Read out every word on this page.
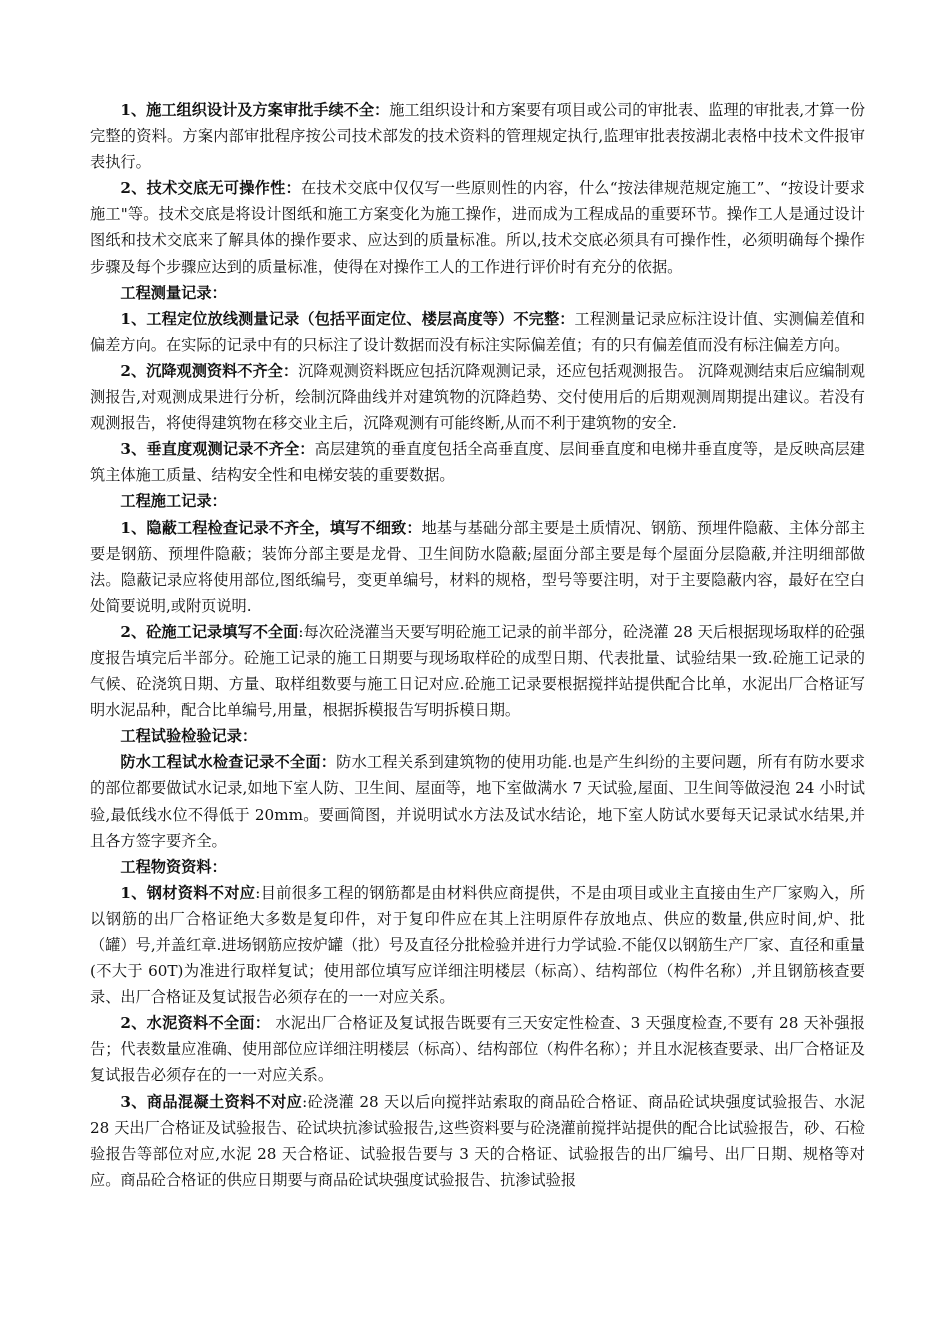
1、施工组织设计及方案审批手续不全：施工组织设计和方案要有项目或公司的审批表、监理的审批表,才算一份完整的资料。方案内部审批程序按公司技术部发的技术资料的管理规定执行,监理审批表按湖北表格中技术文件报审表执行。

2、技术交底无可操作性：在技术交底中仅仅写一些原则性的内容，什么“按法律规范规定施工”、“按设计要求施工"等。技术交底是将设计图纸和施工方案变化为施工操作，进而成为工程成品的重要环节。操作工人是通过设计图纸和技术交底来了解具体的操作要求、应达到的质量标准。所以,技术交底必须具有可操作性，必须明确每个操作步骤及每个步骤应达到的质量标准，使得在对操作工人的工作进行评价时有充分的依据。

工程测量记录：

1、工程定位放线测量记录（包括平面定位、楼层高度等）不完整：工程测量记录应标注设计值、实测偏差值和偏差方向。在实际的记录中有的只标注了设计数据而没有标注实际偏差值；有的只有偏差值而没有标注偏差方向。

2、沉降观测资料不齐全：沉降观测资料既应包括沉降观测记录，还应包括观测报告。 沉降观测结束后应编制观测报告,对观测成果进行分析，绘制沉降曲线并对建筑物的沉降趋势、交付使用后的后期观测周期提出建议。若没有观测报告，将使得建筑物在移交业主后，沉降观测有可能终断,从而不利于建筑物的安全.

3、垂直度观测记录不齐全：高层建筑的垂直度包括全高垂直度、层间垂直度和电梯井垂直度等，是反映高层建筑主体施工质量、结构安全性和电梯安装的重要数据。

工程施工记录：

1、隐蔽工程检查记录不齐全，填写不细致：地基与基础分部主要是土质情况、钢筋、预埋件隐蔽、主体分部主要是钢筋、预埋件隐蔽；装饰分部主要是龙骨、卫生间防水隐蔽;屋面分部主要是每个屋面分层隐蔽,并注明细部做法。隐蔽记录应将使用部位,图纸编号，变更单编号，材料的规格，型号等要注明，对于主要隐蔽内容，最好在空白处简要说明,或附页说明.

2、砼施工记录填写不全面:每次砼浇灌当天要写明砼施工记录的前半部分，砼浇灌 28 天后根据现场取样的砼强度报告填完后半部分。砼施工记录的施工日期要与现场取样砼的成型日期、代表批量、试验结果一致.砼施工记录的气候、砼浇筑日期、方量、取样组数要与施工日记对应.砼施工记录要根据搅拌站提供配合比单，水泥出厂合格证写明水泥品种，配合比单编号,用量，根据拆模报告写明拆模日期。

工程试验检验记录：

防水工程试水检查记录不全面：防水工程关系到建筑物的使用功能.也是产生纠纷的主要问题，所有有防水要求的部位都要做试水记录,如地下室人防、卫生间、屋面等，地下室做满水 7 天试验,屋面、卫生间等做浸泡 24 小时试验,最低线水位不得低于 20mm。要画简图，并说明试水方法及试水结论，地下室人防试水要每天记录试水结果,并且各方签字要齐全。

工程物资资料：

1、钢材资料不对应:目前很多工程的钢筋都是由材料供应商提供，不是由项目或业主直接由生产厂家购入，所以钢筋的出厂合格证绝大多数是复印件，对于复印件应在其上注明原件存放地点、供应的数量,供应时间,炉、批（罐）号,并盖红章.进场钢筋应按炉罐（批）号及直径分批检验并进行力学试验.不能仅以钢筋生产厂家、直径和重量(不大于 60T)为准进行取样复试；使用部位填写应详细注明楼层（标高）、结构部位（构件名称）,并且钢筋核查要录、出厂合格证及复试报告必须存在的一一对应关系。

2、水泥资料不全面： 水泥出厂合格证及复试报告既要有三天安定性检查、3 天强度检查,不要有 28 天补强报告；代表数量应准确、使用部位应详细注明楼层（标高）、结构部位（构件名称）；并且水泥核查要录、出厂合格证及复试报告必须存在的一一对应关系。

3、商品混凝土资料不对应:砼浇灌 28 天以后向搅拌站索取的商品砼合格证、商品砼试块强度试验报告、水泥 28 天出厂合格证及试验报告、砼试块抗渗试验报告,这些资料要与砼浇灌前搅拌站提供的配合比试验报告，砂、石检验报告等部位对应,水泥 28 天合格证、试验报告要与 3 天的合格证、试验报告的出厂编号、出厂日期、规格等对应。商品砼合格证的供应日期要与商品砼试块强度试验报告、抗渗试验报
